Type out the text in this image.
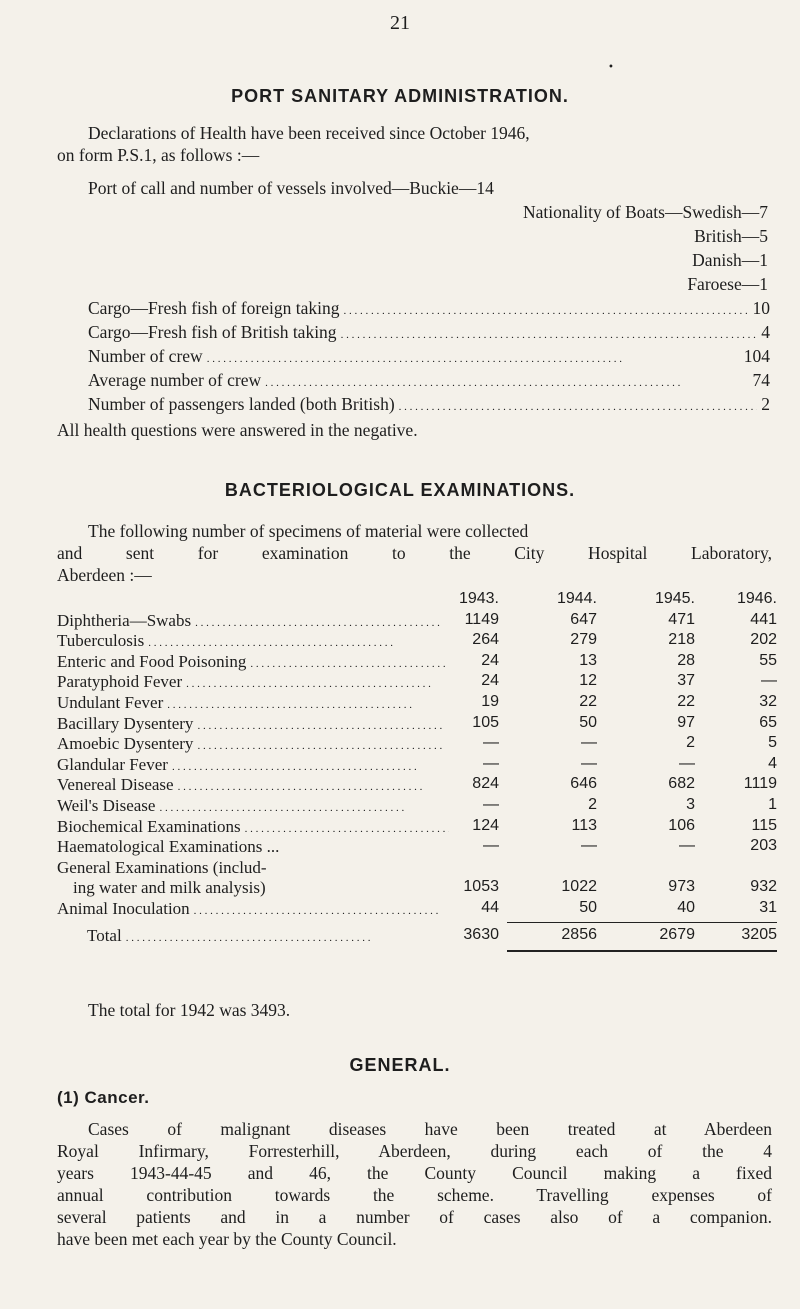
21
•
PORT SANITARY ADMINISTRATION.
Declarations of Health have been received since October 1946,
on form P.S.1, as follows :—
Port of call and number of vessels involved—Buckie—14
Nationality of Boats—Swedish—7
British—5
Danish—1
Faroese—1
Cargo—Fresh fish of foreign taking . . .	10
Cargo—Fresh fish of British taking . . .	4
Number of crew . . .	104
Average number of crew . . .	74
Number of passengers landed (both British) . . .	2
All health questions were answered in the negative.
BACTERIOLOGICAL EXAMINATIONS.
The following number of specimens of material were collected
and sent for examination to the City Hospital Laboratory,
Aberdeen :—
1943.	1944.	1945.	1946.
Diphtheria—Swabs . . .	1149	647	471	441
Tuberculosis . . .	264	279	218	202
Enteric and Food Poisoning . . .	24	13	28	55
Paratyphoid Fever . . .	24	12	37	—
Undulant Fever . . .	19	22	22	32
Bacillary Dysentery . . .	105	50	97	65
Amoebic Dysentery . . .	—	—	2	5
Glandular Fever . . .	—	—	—	4
Venereal Disease . . .	824	646	682	1119
Weil's Disease . . .	—	2	3	1
Biochemical Examinations . . .	124	113	106	115
Haematological Examinations ...	—	—	—	203
General Examinations (includ-
ing water and milk analysis)	1053	1022	973	932
Animal Inoculation . . .	44	50	40	31
Total . . .	3630	2856	2679	3205
The total for 1942 was 3493.
GENERAL.
(1) Cancer.
Cases of malignant diseases have been treated at Aberdeen
Royal Infirmary, Forresterhill, Aberdeen, during each of the 4
years 1943-44-45 and 46, the County Council making a fixed
annual contribution towards the scheme. Travelling expenses of
several patients and in a number of cases also of a companion.
have been met each year by the County Council.
